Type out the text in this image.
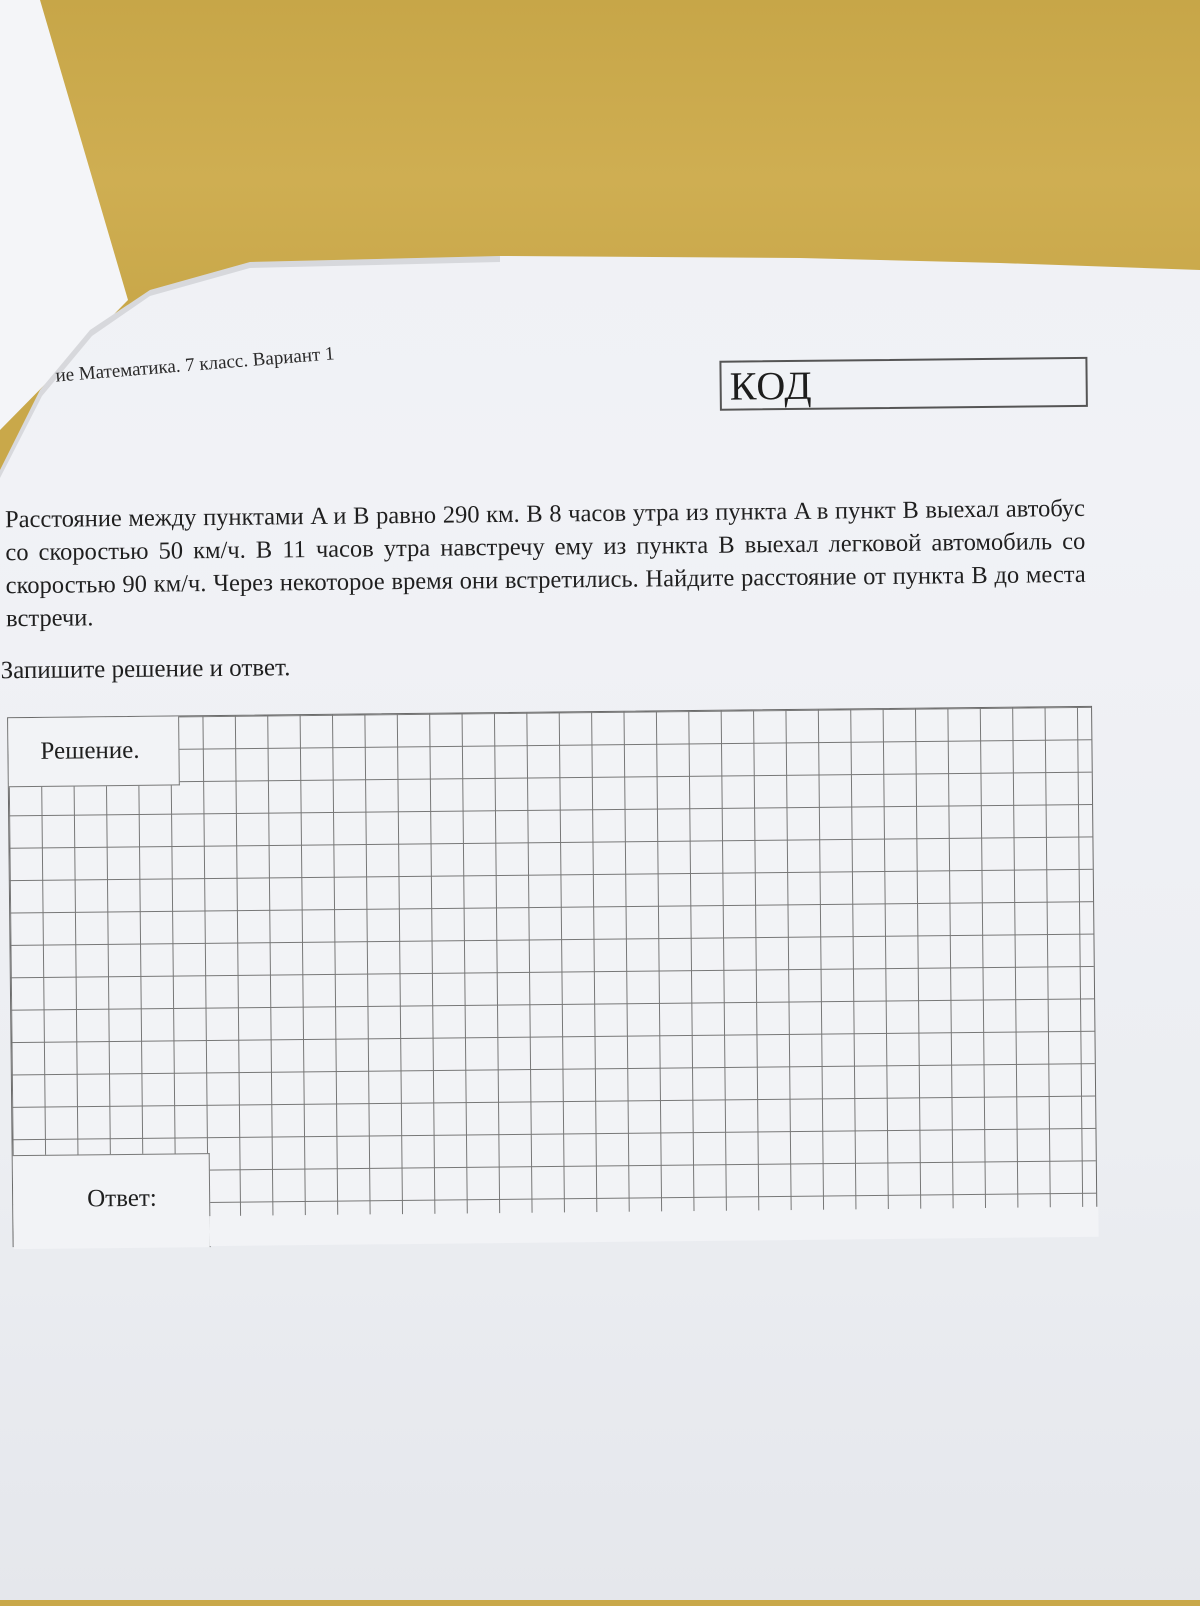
ие Математика. 7 класс. Вариант 1	КОД
Расстояние между пунктами A и B равно 290 км. В 8 часов утра из пункта A в пункт B выехал автобус со скоростью 50 км/ч. В 11 часов утра навстречу ему из пункта B выехал легковой автомобиль со скоростью 90 км/ч. Через некоторое время они встретились. Найдите расстояние от пункта B до места встречи.
Запишите решение и ответ.
Решение.
Ответ:
